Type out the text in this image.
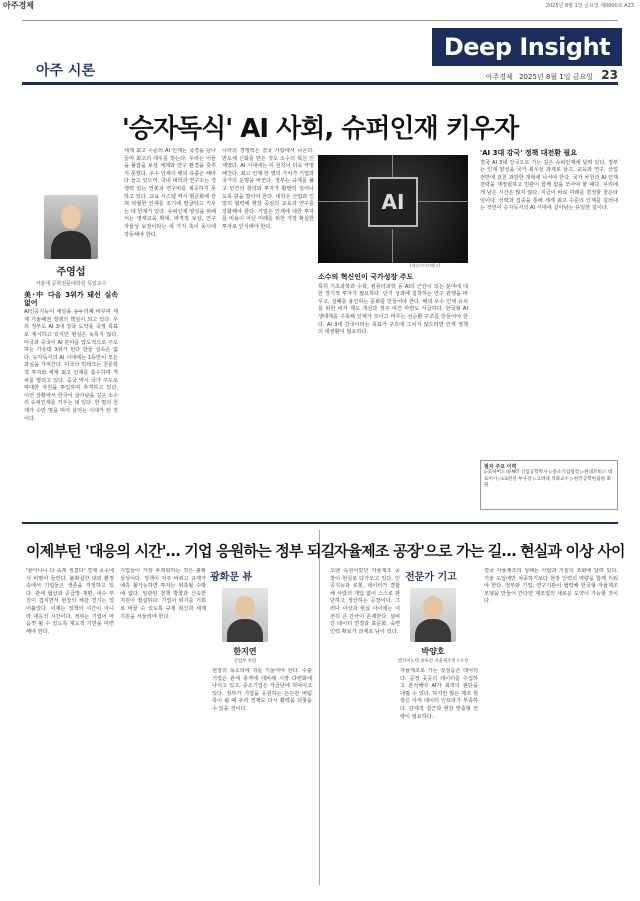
아주경제	2025년 8월 1일 금요일 제0000호 A23
Deep Insight
아주 시론	아주경제 2025년 8월 1일 금요일 23
'승자독식' AI 사회, 슈퍼인재 키우자
주영섭
서울대 공학전문대학원 특임교수
美·中 다음 3위가 돼선 실속 없어
AI인공지능이 세상을 송두리째 바꾸며 세계 기술패권 경쟁의 핵심이 되고 있다. 우리 정부도 AI 3대 강국 도약을 국정 목표로 제시하고 있지만 현실은 녹록지 않다. 미국과 중국이 AI 분야를 압도적으로 주도하는 가운데 3위가 된다 한들 실속은 없다. 승자독식의 AI 시대에는 1등만이 모든 과실을 가져간다. 미국의 빅테크는 천문학적 투자와 세계 최고 인재를 흡수하며 격차를 벌리고 있다. 중국 역시 국가 주도로 막대한 자원을 투입하며 추격하고 있다. 이런 상황에서 한국이 살아남을 길은 소수의 슈퍼인재를 키우는 데 있다. 한 명의 천재가 수만 명을 먹여 살리는 시대가 된 것이다.
세계 최고 수준의 AI 인재는 국경을 넘나들며 최고의 대우를 받는다. 우리는 이들을 붙잡을 보상 체계와 연구 환경을 갖추지 못했다. 우수 인재의 해외 유출은 해마다 늘고 있으며, 국내 대학과 연구소는 경쟁력 있는 연봉과 연구비를 제공하지 못하고 있다. 교육 시스템 역시 평준화에 갇혀 탁월한 인재를 조기에 발굴하고 키우는 데 한계가 있다. 슈퍼인재 양성을 위해서는 영재교육 확대, 파격적 보상, 연구 자율성 보장이라는 세 가지 축이 동시에 작동해야 한다.
나라의 경쟁력은 결국 사람에서 나온다. 반도체 신화를 만든 것도 소수의 혁신 인재였다. AI 시대에는 이 원칙이 더욱 극명해진다. 최고 인재 한 명의 가치가 기업과 국가의 운명을 바꾼다. 정부는 규제를 풀고 민간의 창의와 투자가 활발히 일어나도록 판을 깔아야 한다. 대학은 산업과 긴밀히 협력해 현장 중심의 교육과 연구를 강화해야 한다. 기업은 인재에 대한 투자를 비용이 아닌 미래를 위한 가장 확실한 투자로 인식해야 한다.
AI
[게티이미지뱅크]
소수의 혁신인이 국가성장 주도
특히 기초과학과 수학, 컴퓨터과학 등 AI의 근간이 되는 분야에 대한 장기적 투자가 필요하다. 단기 성과에 집착하는 연구 관행을 바꾸고, 실패를 용인하는 문화를 만들어야 한다. 해외 우수 인재 유치를 위한 비자 제도 개선과 정주 여건 마련도 시급하다. 한국형 AI 생태계를 구축해 인재가 모이고 머무는 선순환 구조를 만들어야 한다. AI 3대 강국이라는 목표가 구호에 그치지 않으려면 인재 정책의 대전환이 필요하다.
'AI 3대 강국' 정책 대전환 필요
결국 AI 3대 강국으로 가는 길은 슈퍼인재에 달려 있다. 정부는 인재 양성을 국가 최우선 과제로 삼고, 교육과 연구, 산업 전반에 걸친 과감한 개혁에 나서야 한다. 국가 차원의 AI 인재 전략을 재정립하고 민관이 함께 힘을 모아야 할 때다. 우리에게 남은 시간은 많지 않다. 지금이 바로 미래를 결정할 골든타임이다. 선택과 집중을 통해 세계 최고 수준의 인재를 길러내는 것만이 승자독식의 AI 시대에 살아남는 유일한 길이다.
필자 주요 이력
▷美하버드대·MIT 산업공학박사 ▷중소기업청장 ▷현대모비스 대표이사 ▷LS전선 부사장 ▷고려대 석좌교수 ▷한국공학한림원 회원
이제부턴 '대응의 시간'… 기업 응원하는 정부 되길
광화문 뷰
한지연
산업부 차장
'할아니니 다 죽게 생겼다' 경제 곳곳에서 비명이 들린다. 불확실한 대외 환경 속에서 기업들은 생존을 걱정하고 있다. 관세 협상과 공급망 재편, 내수 부진이 겹치면서 현장의 체감 경기는 얼어붙었다. 이제는 정책의 시간이 아니라 대응의 시간이다. 정부는 기업이 마음껏 뛸 수 있도록 제도적 기반을 마련해야 한다.
기업들이 가장 두려워하는 것은 불확실성이다. 정책이 자주 바뀌고 규제가 예측 불가능하면 투자는 위축될 수밖에 없다. 일관된 정책 방향과 신속한 지원이 절실하다. 기업이 위기를 기회로 바꿀 수 있도록 규제 혁신과 세제 지원을 서둘러야 한다.
현장의 목소리에 귀를 기울여야 한다. 수출 기업은 관세 충격에 대비해 시장 다변화에 나서고 있고, 중소기업은 자금난에 허덕이고 있다. 정부가 기업을 응원하는 든든한 버팀목이 될 때 우리 경제도 다시 활력을 되찾을 수 있을 것이다.
'자율제조 공장'으로 가는 길… 현실과 이상 사이
전문가 기고
박양호
엘지이노텍 솔루션 자율제조연구소장
오랜 숙원이었던 자율제조 공장이 현실로 다가오고 있다. 인공지능과 로봇, 데이터가 결합해 사람의 개입 없이 스스로 판단하고 생산하는 공장이다. 그러나 이상과 현실 사이에는 여전히 큰 간극이 존재한다. 설비 간 데이터 연결과 표준화, 숙련 인력 확보가 과제로 남아 있다.
자율제조로 가는 첫걸음은 데이터다. 공정 곳곳의 데이터를 수집하고 분석해야 AI가 최적의 판단을 내릴 수 있다. 하지만 많은 제조 현장은 아직 데이터 인프라가 부족하다. 단계적 접근과 현장 맞춤형 전략이 필요하다.
결국 자율제조의 성패는 사람과 기술의 조화에 달려 있다. 기술 도입에만 치중하기보다 현장 인력의 역량을 함께 키워야 한다. 정부와 기업, 연구기관이 협력해 한국형 자율제조 모델을 만들어 간다면 제조업의 새로운 도약이 가능할 것이다.
